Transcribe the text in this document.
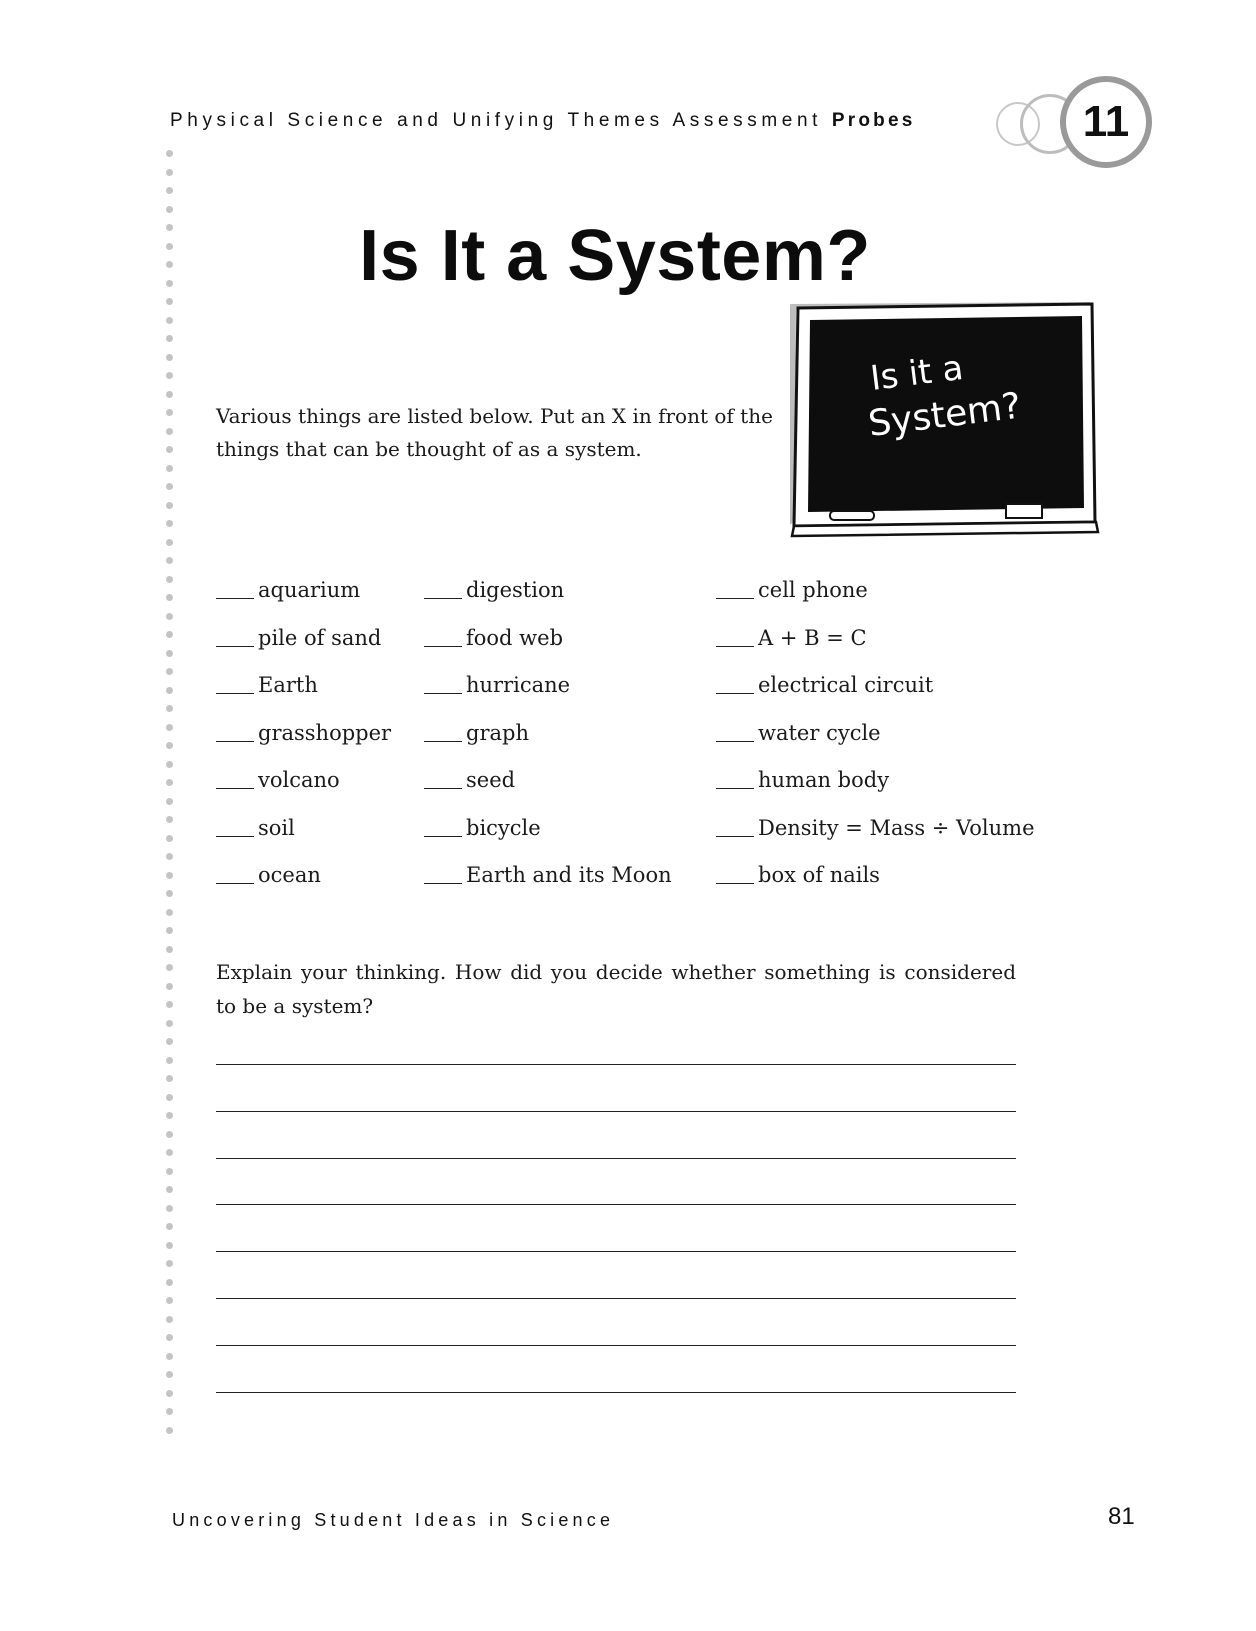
Physical Science and Unifying Themes Assessment Probes	11
Is It a System?
Various things are listed below. Put an X in front of the things that can be thought of as a system.
Is it a
System?
aquarium
pile of sand
Earth
grasshopper
volcano
soil
ocean
digestion
food web
hurricane
graph
seed
bicycle
Earth and its Moon
cell phone
A + B = C
electrical circuit
water cycle
human body
Density = Mass ÷ Volume
box of nails
Explain your thinking. How did you decide whether something is considered to be a system?
Uncovering Student Ideas in Science	81
